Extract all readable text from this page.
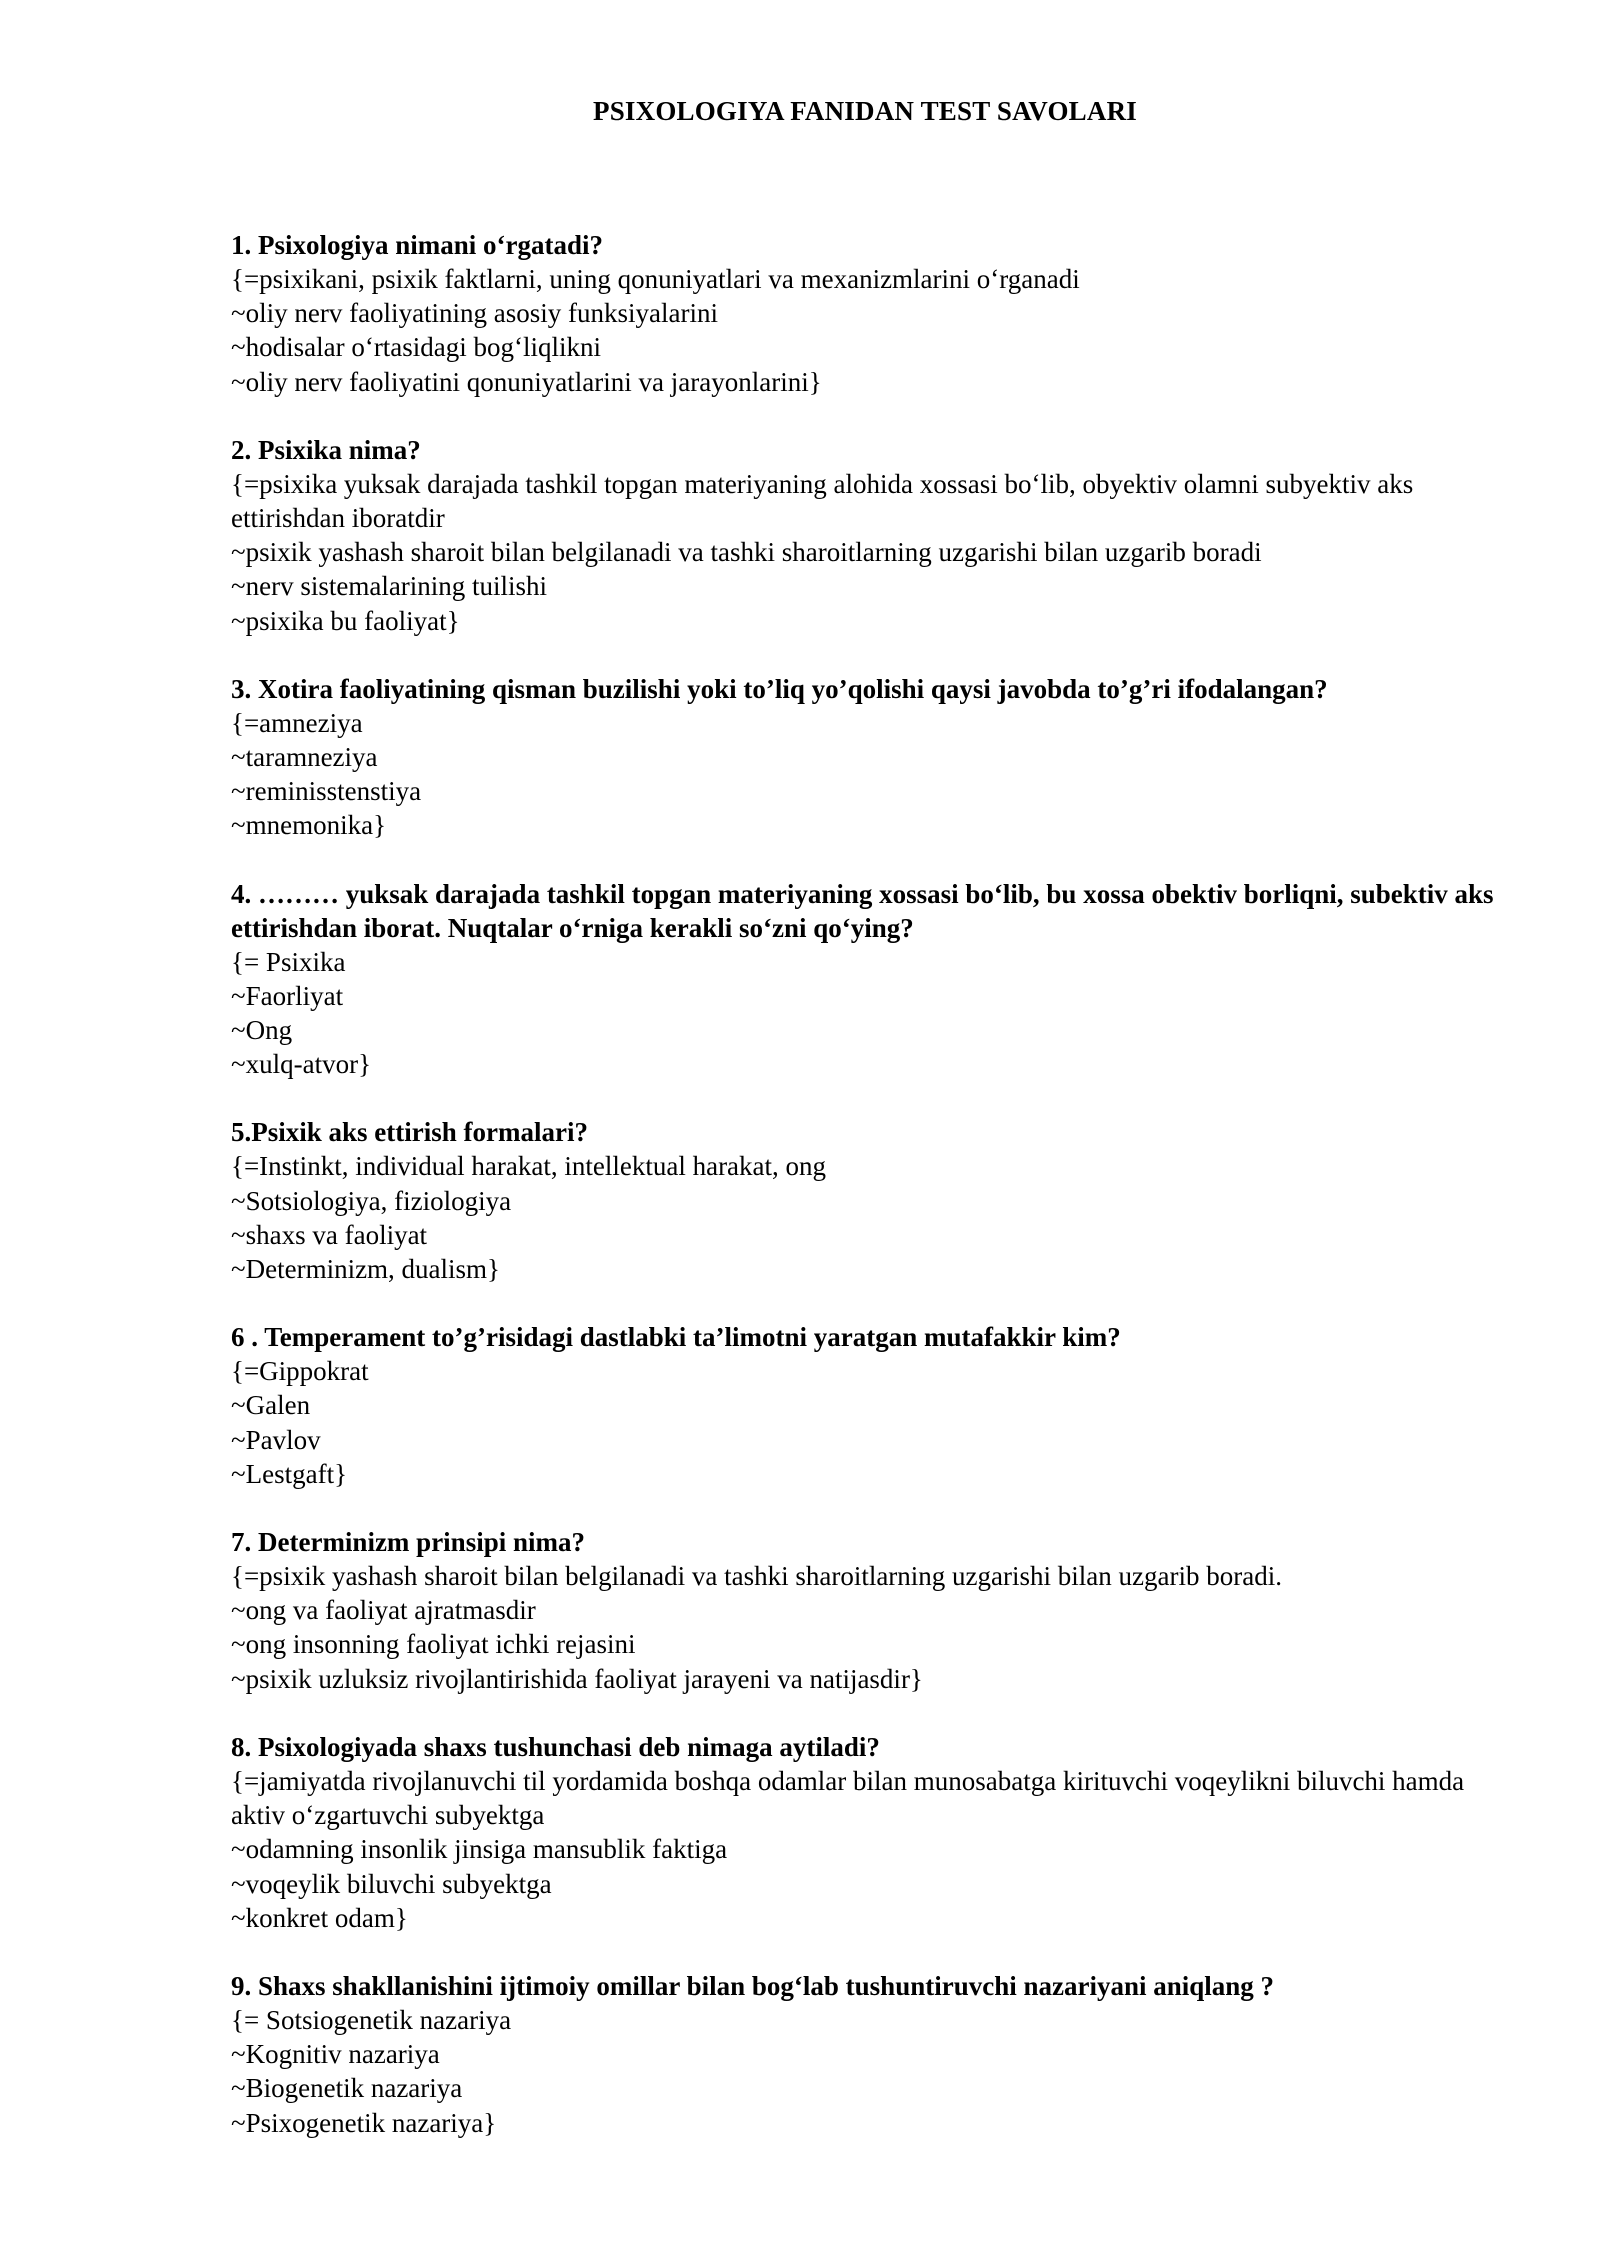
PSIXOLOGIYA FANIDAN TEST SAVOLARI
1. Psixologiya nimani o‘rgatadi?
{=psixikani, psixik faktlarni, uning qonuniyatlari va mexanizmlarini o‘rganadi
~oliy nerv faoliyatining asosiy funksiyalarini
~hodisalar o‘rtasidagi bog‘liqlikni
~oliy nerv faoliyatini qonuniyatlarini va jarayonlarini}
2. Psixika nima?
{=psixika yuksak darajada tashkil topgan materiyaning alohida xossasi bo‘lib, obyektiv olamni subyektiv aks ettirishdan iboratdir
~psixik yashash sharoit bilan belgilanadi va tashki sharoitlarning uzgarishi bilan uzgarib boradi
~nerv sistemalarining tuilishi
~psixika bu faoliyat}
3. Xotira faoliyatining qisman buzilishi yoki to’liq yo’qolishi qaysi javobda to’g’ri ifodalangan?
{=amneziya
~taramneziya
~reminisstenstiya
~mnemonika}
4. ……… yuksak darajada tashkil topgan materiyaning xossasi bo‘lib, bu xossa obektiv borliqni, subektiv aks ettirishdan iborat. Nuqtalar o‘rniga kerakli so‘zni qo‘ying?
{= Psixika
~Faorliyat
~Ong
~xulq-atvor}
5.Psixik aks ettirish formalari?
{=Instinkt, individual harakat, intellektual harakat, ong
~Sotsiologiya, fiziologiya
~shaxs va faoliyat
~Determinizm, dualism}
6 . Temperament to’g’risidagi dastlabki ta’limotni yaratgan mutafakkir kim?
{=Gippokrat
~Galen
~Pavlov
~Lestgaft}
7. Determinizm prinsipi nima?
{=psixik yashash sharoit bilan belgilanadi va tashki sharoitlarning uzgarishi bilan uzgarib boradi.
~ong va faoliyat ajratmasdir
~ong insonning faoliyat ichki rejasini
~psixik uzluksiz rivojlantirishida faoliyat jarayeni va natijasdir}
8. Psixologiyada shaxs tushunchasi deb nimaga aytiladi?
{=jamiyatda rivojlanuvchi til yordamida boshqa odamlar bilan munosabatga kirituvchi voqeylikni biluvchi hamda aktiv o‘zgartuvchi subyektga
~odamning insonlik jinsiga mansublik faktiga
~voqeylik biluvchi subyektga
~konkret odam}
9. Shaxs shakllanishini ijtimoiy omillar bilan bog‘lab tushuntiruvchi nazariyani aniqlang ?
{= Sotsiogenetik nazariya
~Kognitiv nazariya
~Biogenetik nazariya
~Psixogenetik nazariya}
